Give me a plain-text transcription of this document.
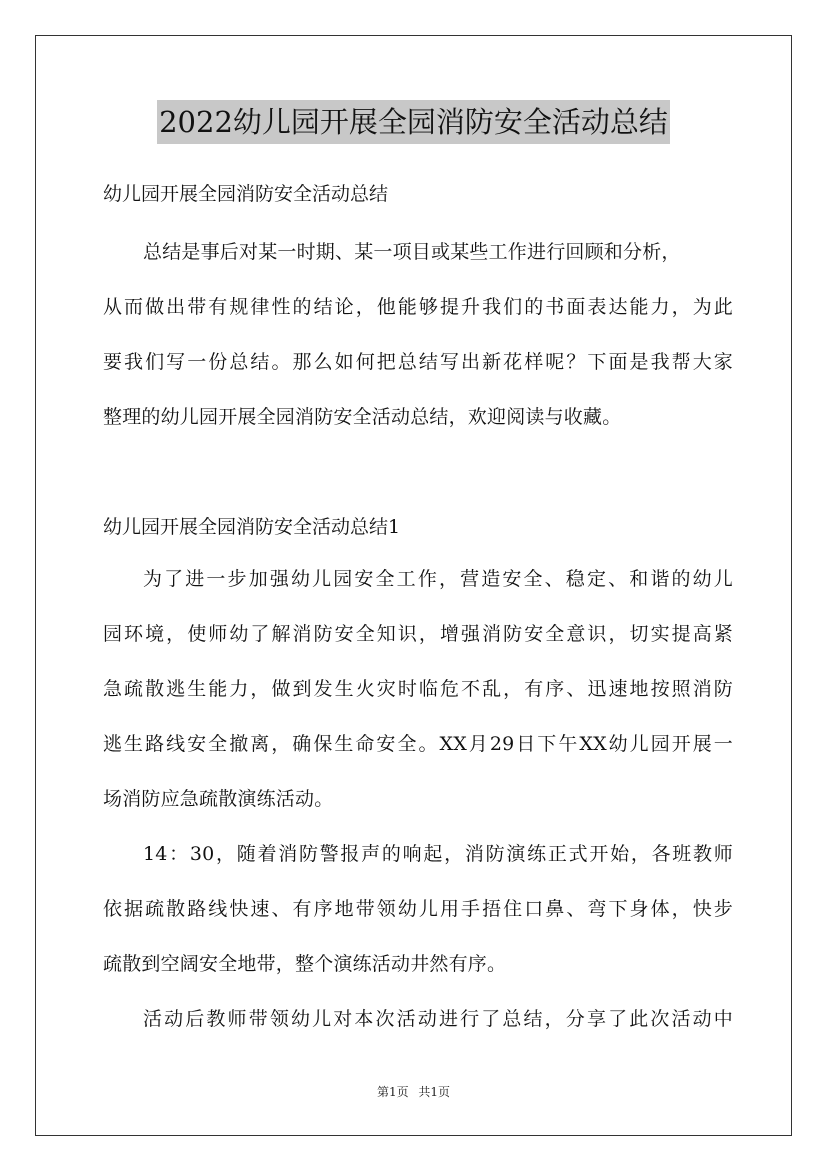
2022幼儿园开展全园消防安全活动总结
幼儿园开展全园消防安全活动总结
总结是事后对某一时期、某一项目或某些工作进行回顾和分析，
从而做出带有规律性的结论，他能够提升我们的书面表达能力，为此
要我们写一份总结。那么如何把总结写出新花样呢？下面是我帮大家
整理的幼儿园开展全园消防安全活动总结，欢迎阅读与收藏。
幼儿园开展全园消防安全活动总结1
为了进一步加强幼儿园安全工作，营造安全、稳定、和谐的幼儿
园环境，使师幼了解消防安全知识，增强消防安全意识，切实提高紧
急疏散逃生能力，做到发生火灾时临危不乱，有序、迅速地按照消防
逃生路线安全撤离，确保生命安全。XX月29日下午XX幼儿园开展一
场消防应急疏散演练活动。
14：30，随着消防警报声的响起，消防演练正式开始，各班教师
依据疏散路线快速、有序地带领幼儿用手捂住口鼻、弯下身体，快步
疏散到空阔安全地带，整个演练活动井然有序。
活动后教师带领幼儿对本次活动进行了总结，分享了此次活动中
第1页 共1页
